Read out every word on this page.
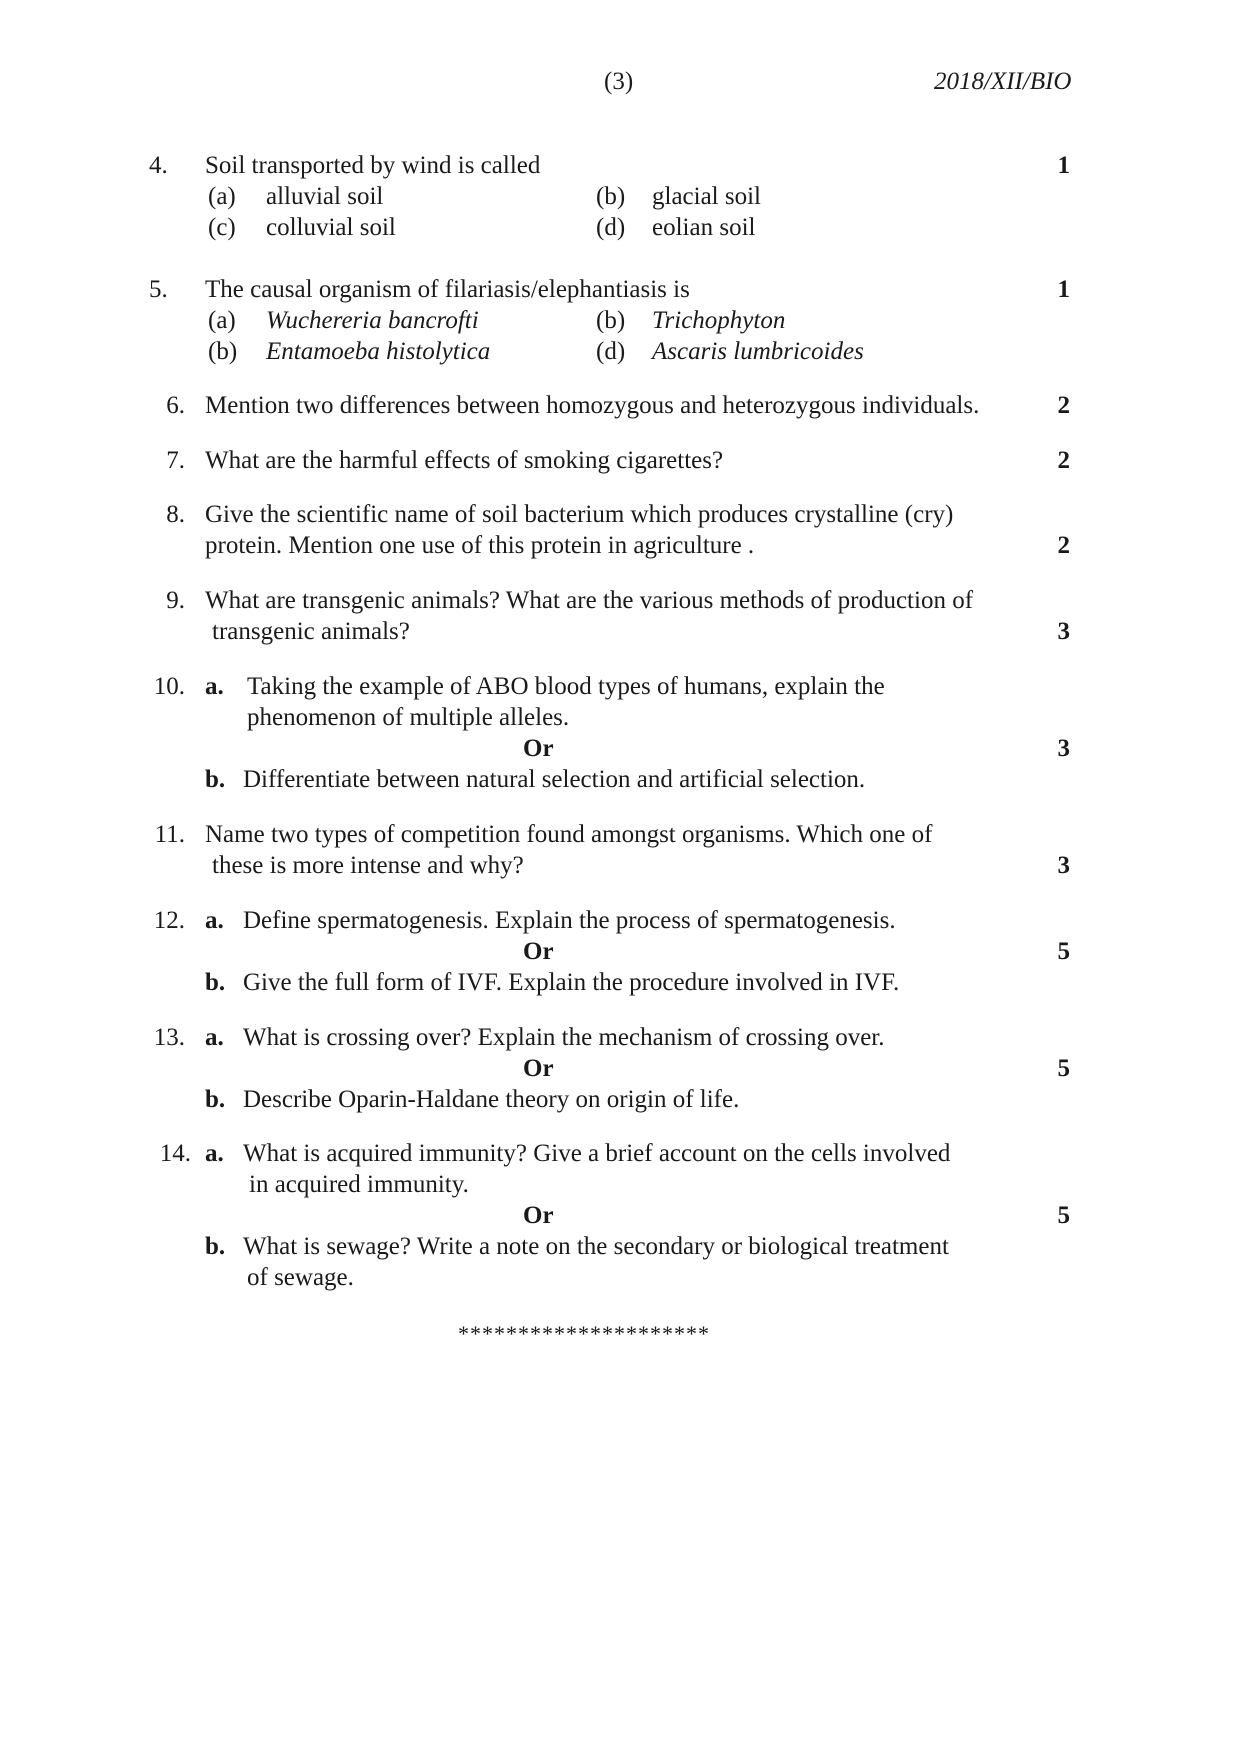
(3)	2018/XII/BIO
4. Soil transported by wind is called	1
(a) alluvial soil	(b) glacial soil
(c) colluvial soil	(d) eolian soil
5. The causal organism of filariasis/elephantiasis is	1
(a) Wuchereria bancrofti	(b) Trichophyton
(b) Entamoeba histolytica	(d) Ascaris lumbricoides
6. Mention two differences between homozygous and heterozygous individuals.	2
7. What are the harmful effects of smoking cigarettes?	2
8. Give the scientific name of soil bacterium which produces crystalline (cry)
protein. Mention one use of this protein in agriculture .	2
9. What are transgenic animals? What are the various methods of production of
transgenic animals?	3
10. a. Taking the example of ABO blood types of humans, explain the
phenomenon of multiple alleles.
Or	3
b. Differentiate between natural selection and artificial selection.
11. Name two types of competition found amongst organisms. Which one of
these is more intense and why?	3
12. a. Define spermatogenesis. Explain the process of spermatogenesis.
Or	5
b. Give the full form of IVF. Explain the procedure involved in IVF.
13. a. What is crossing over? Explain the mechanism of crossing over.
Or	5
b. Describe Oparin-Haldane theory on origin of life.
14. a. What is acquired immunity? Give a brief account on the cells involved
in acquired immunity.
Or	5
b. What is sewage? Write a note on the secondary or biological treatment
of sewage.
*********************
